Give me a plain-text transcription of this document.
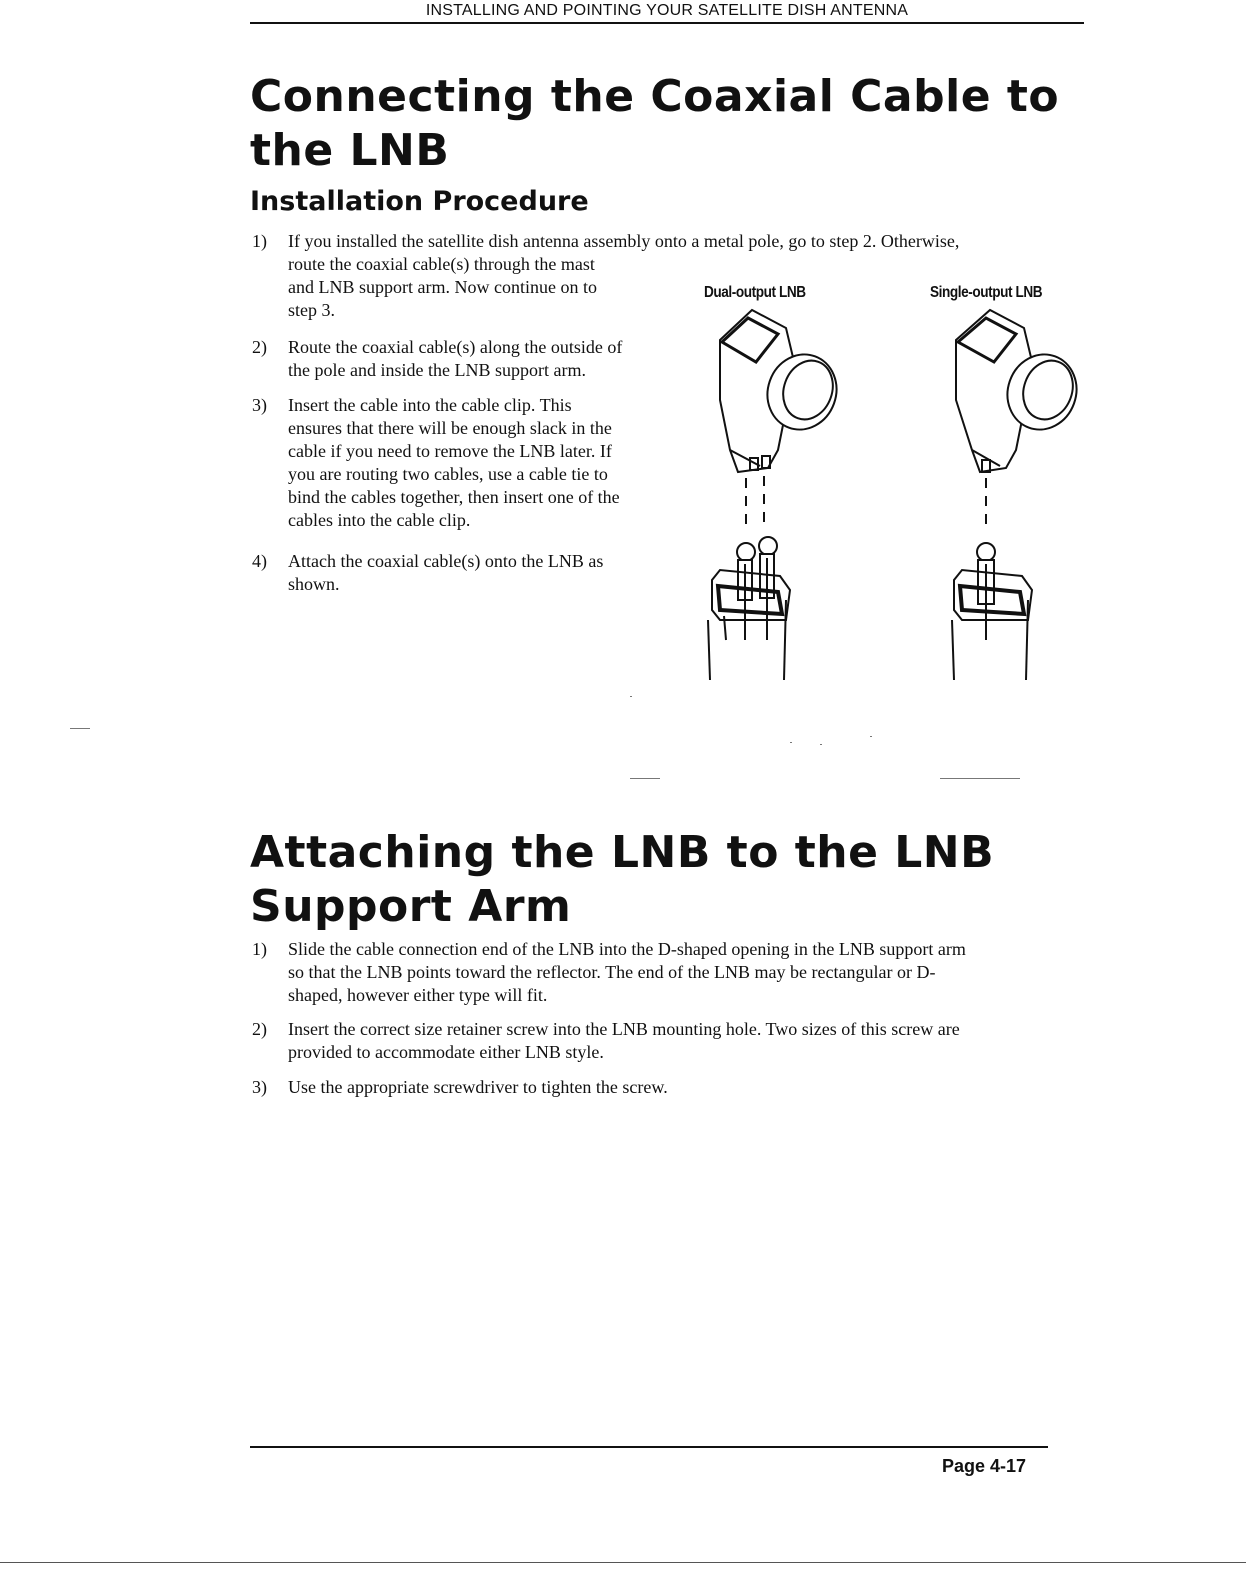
INSTALLING AND POINTING YOUR SATELLITE DISH ANTENNA
Connecting the Coaxial Cable to
the LNB
Installation Procedure
1) If you installed the satellite dish antenna assembly onto a metal pole, go to step 2. Otherwise,
route the coaxial cable(s) through the mast
and LNB support arm. Now continue on to
step 3.
2) Route the coaxial cable(s) along the outside of
the pole and inside the LNB support arm.
3) Insert the cable into the cable clip. This
ensures that there will be enough slack in the
cable if you need to remove the LNB later. If
you are routing two cables, use a cable tie to
bind the cables together, then insert one of the
cables into the cable clip.
4) Attach the coaxial cable(s) onto the LNB as
shown.
Dual-output LNB	Single-output LNB
Attaching the LNB to the LNB
Support Arm
1) Slide the cable connection end of the LNB into the D-shaped opening in the LNB support arm
so that the LNB points toward the reflector. The end of the LNB may be rectangular or D-
shaped, however either type will fit.
2) Insert the correct size retainer screw into the LNB mounting hole. Two sizes of this screw are
provided to accommodate either LNB style.
3) Use the appropriate screwdriver to tighten the screw.
Page 4-17
